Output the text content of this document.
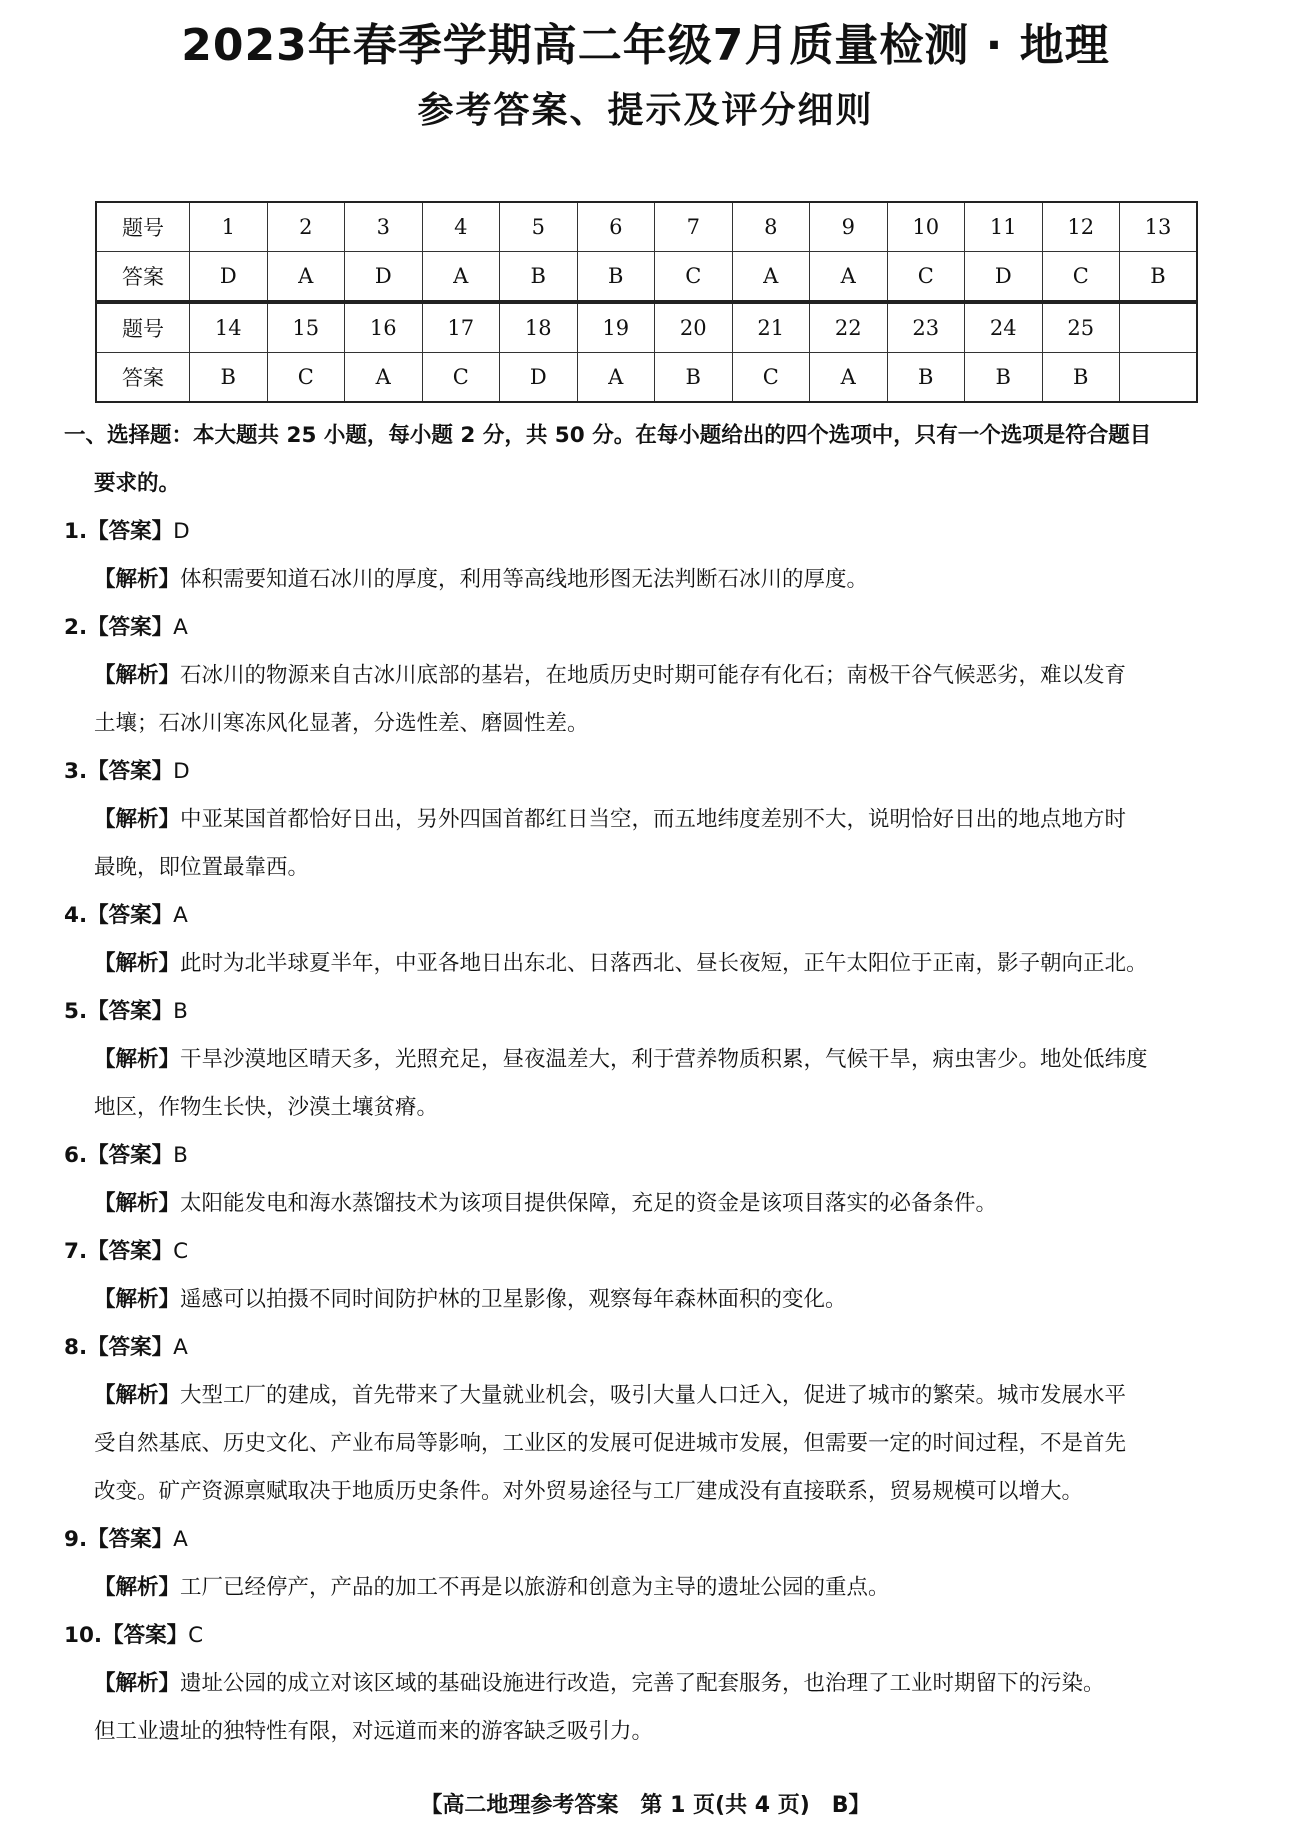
2023年春季学期高二年级7月质量检测 · 地理
参考答案、提示及评分细则
题号	1	2	3	4	5	6	7	8	9	10	11	12	13
答案	D	A	D	A	B	B	C	A	A	C	D	C	B
题号	14	15	16	17	18	19	20	21	22	23	24	25	
答案	B	C	A	C	D	A	B	C	A	B	B	B	
一、选择题：本大题共 25 小题，每小题 2 分，共 50 分。在每小题给出的四个选项中，只有一个选项是符合题目
要求的。
1.【答案】D
【解析】体积需要知道石冰川的厚度，利用等高线地形图无法判断石冰川的厚度。
2.【答案】A
【解析】石冰川的物源来自古冰川底部的基岩，在地质历史时期可能存有化石；南极干谷气候恶劣，难以发育
土壤；石冰川寒冻风化显著，分选性差、磨圆性差。
3.【答案】D
【解析】中亚某国首都恰好日出，另外四国首都红日当空，而五地纬度差别不大，说明恰好日出的地点地方时
最晚，即位置最靠西。
4.【答案】A
【解析】此时为北半球夏半年，中亚各地日出东北、日落西北、昼长夜短，正午太阳位于正南，影子朝向正北。
5.【答案】B
【解析】干旱沙漠地区晴天多，光照充足，昼夜温差大，利于营养物质积累，气候干旱，病虫害少。地处低纬度
地区，作物生长快，沙漠土壤贫瘠。
6.【答案】B
【解析】太阳能发电和海水蒸馏技术为该项目提供保障，充足的资金是该项目落实的必备条件。
7.【答案】C
【解析】遥感可以拍摄不同时间防护林的卫星影像，观察每年森林面积的变化。
8.【答案】A
【解析】大型工厂的建成，首先带来了大量就业机会，吸引大量人口迁入，促进了城市的繁荣。城市发展水平
受自然基底、历史文化、产业布局等影响，工业区的发展可促进城市发展，但需要一定的时间过程，不是首先
改变。矿产资源禀赋取决于地质历史条件。对外贸易途径与工厂建成没有直接联系，贸易规模可以增大。
9.【答案】A
【解析】工厂已经停产，产品的加工不再是以旅游和创意为主导的遗址公园的重点。
10.【答案】C
【解析】遗址公园的成立对该区域的基础设施进行改造，完善了配套服务，也治理了工业时期留下的污染。
但工业遗址的独特性有限，对远道而来的游客缺乏吸引力。
【高二地理参考答案　第 1 页(共 4 页)　B】
